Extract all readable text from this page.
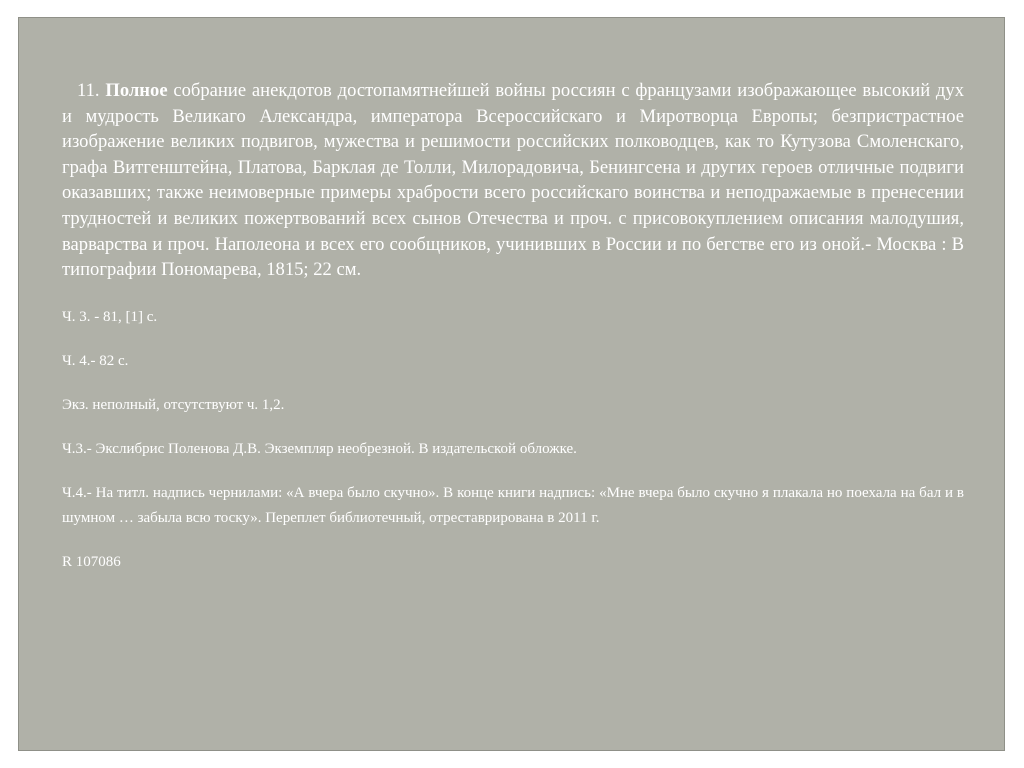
11. Полное собрание анекдотов достопамятнейшей войны россиян с французами изображающее высокий дух и мудрость Великаго Александра, императора Всероссийскаго и Миротворца Европы; безпристрастное изображение великих подвигов, мужества и решимости российских полководцев, как то Кутузова Смоленскаго, графа Витгенштейна, Платова, Барклая де Толли, Милорадовича, Бенингсена и других героев отличные подвиги оказавших; также неимоверные примеры храбрости всего российскаго воинства и неподражаемые в пренесении трудностей и великих пожертвований всех сынов Отечества и проч. с присовокуплением описания малодушия, варварства и проч. Наполеона и всех его сообщников, учинивших в России и по бегстве его из оной.- Москва : В типографии Пономарева, 1815; 22 см.

Ч. 3. - 81, [1] с.

Ч. 4.- 82 с.

Экз. неполный, отсутствуют ч. 1,2.

Ч.3.- Экслибрис Поленова Д.В. Экземпляр необрезной. В издательской обложке.

Ч.4.- На титл. надпись чернилами: «А вчера было скучно». В конце книги надпись: «Мне вчера было скучно я плакала но поехала на бал и в шумном … забыла всю тоску». Переплет библиотечный, отреставрирована в 2011 г.

R 107086
